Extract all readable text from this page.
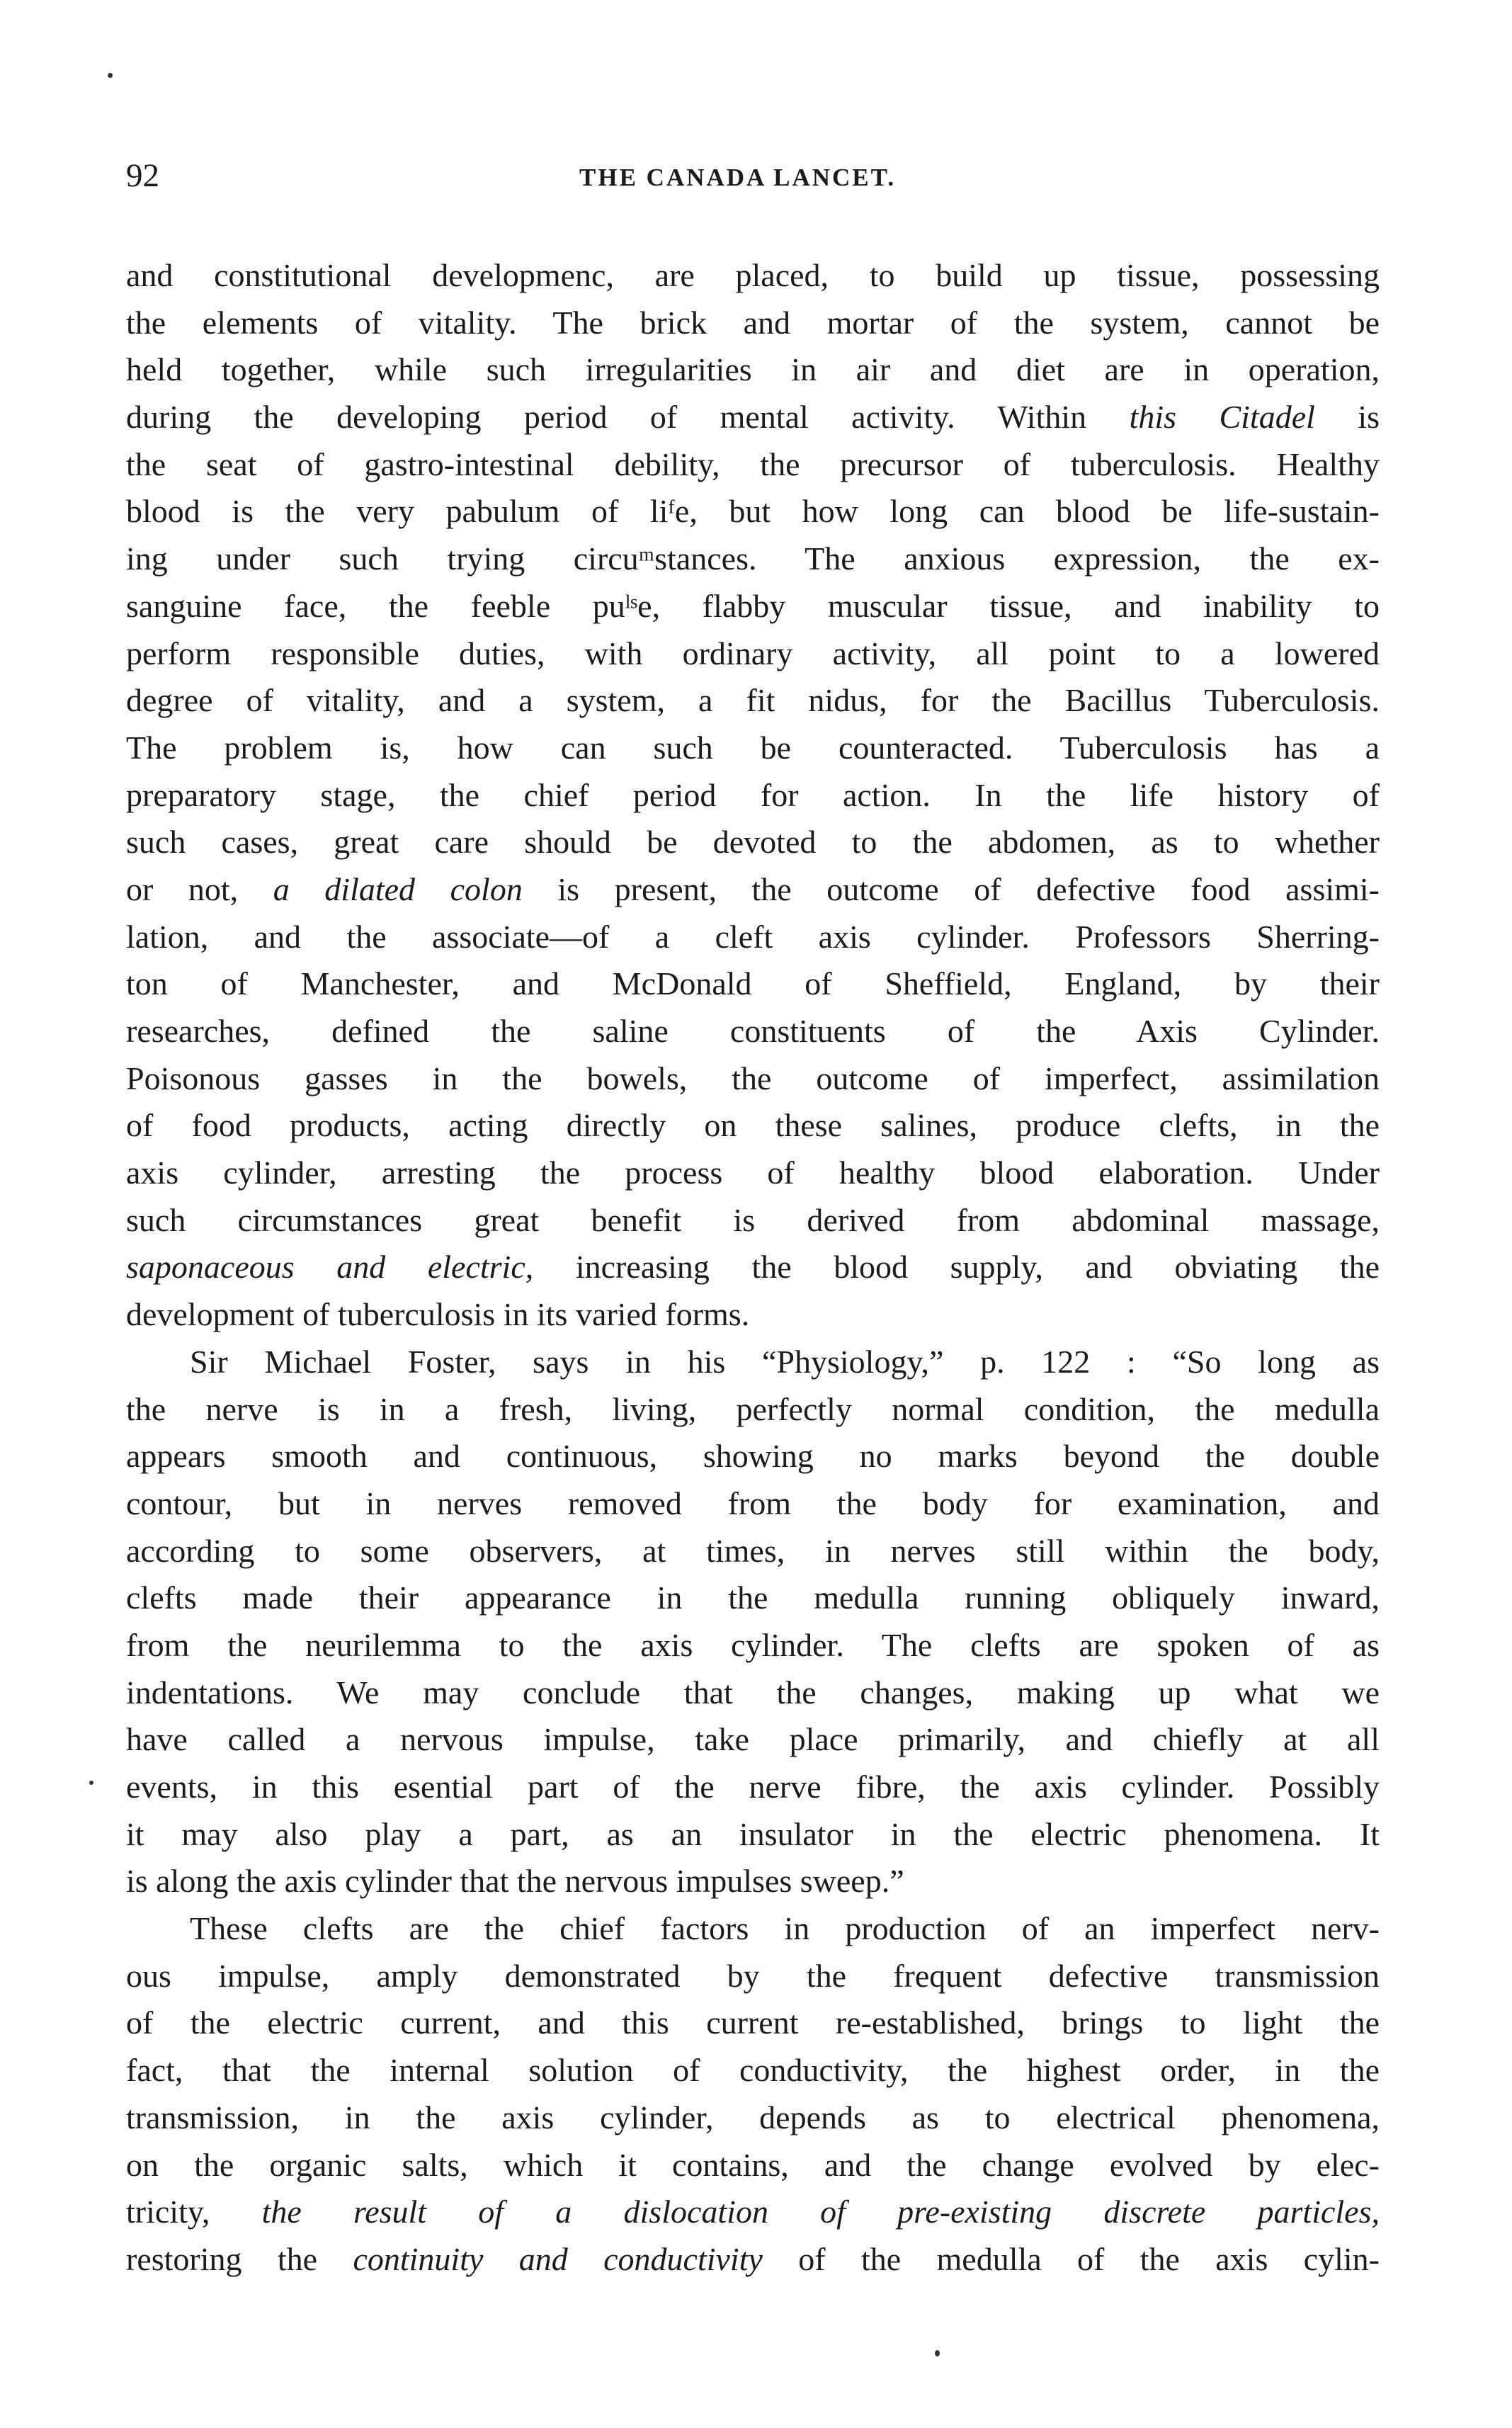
92	THE CANADA LANCET.
and constitutional developmenc, are placed, to build up tissue, possessing
the elements of vitality. The brick and mortar of the system, cannot be
held together, while such irregularities in air and diet are in operation,
during the developing period of mental activity. Within this Citadel is
the seat of gastro-intestinal debility, the precursor of tuberculosis. Healthy
blood is the very pabulum of liᶠe, but how long can blood be life-sustain-
ing under such trying circuᵐstances. The anxious expression, the ex-
sanguine face, the feeble puˡˢe, flabby muscular tissue, and inability to
perform responsible duties, with ordinary activity, all point to a lowered
degree of vitality, and a system, a fit nidus, for the Bacillus Tuberculosis.
The problem is, how can such be counteracted. Tuberculosis has a
preparatory stage, the chief period for action. In the life history of
such cases, great care should be devoted to the abdomen, as to whether
or not, a dilated colon is present, the outcome of defective food assimi-
lation, and the associate—of a cleft axis cylinder. Professors Sherring-
ton of Manchester, and McDonald of Sheffield, England, by their
researches, defined the saline constituents of the Axis Cylinder.
Poisonous gasses in the bowels, the outcome of imperfect, assimilation
of food products, acting directly on these salines, produce clefts, in the
axis cylinder, arresting the process of healthy blood elaboration. Under
such circumstances great benefit is derived from abdominal massage,
saponaceous and electric, increasing the blood supply, and obviating the
development of tuberculosis in its varied forms.
Sir Michael Foster, says in his “Physiology,” p. 122 : “So long as
the nerve is in a fresh, living, perfectly normal condition, the medulla
appears smooth and continuous, showing no marks beyond the double
contour, but in nerves removed from the body for examination, and
according to some observers, at times, in nerves still within the body,
clefts made their appearance in the medulla running obliquely inward,
from the neurilemma to the axis cylinder. The clefts are spoken of as
indentations. We may conclude that the changes, making up what we
have called a nervous impulse, take place primarily, and chiefly at all
events, in this esential part of the nerve fibre, the axis cylinder. Possibly
it may also play a part, as an insulator in the electric phenomena. It
is along the axis cylinder that the nervous impulses sweep.”
These clefts are the chief factors in production of an imperfect nerv-
ous impulse, amply demonstrated by the frequent defective transmission
of the electric current, and this current re-established, brings to light the
fact, that the internal solution of conductivity, the highest order, in the
transmission, in the axis cylinder, depends as to electrical phenomena,
on the organic salts, which it contains, and the change evolved by elec-
tricity, the result of a dislocation of pre-existing discrete particles,
restoring the continuity and conductivity of the medulla of the axis cylin-
